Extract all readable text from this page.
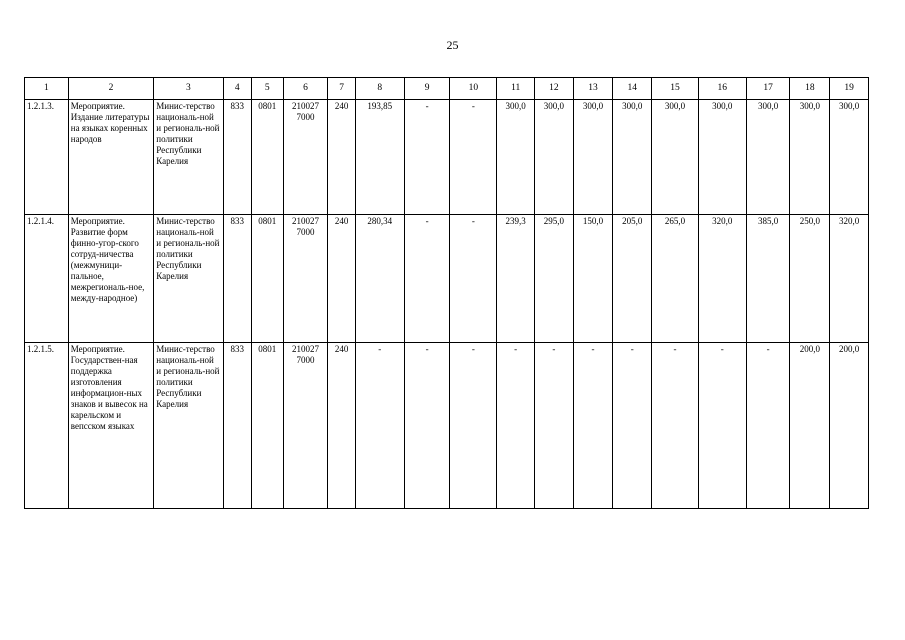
25
1	2	3	4	5	6	7	8	9	10	11	12	13	14	15	16	17	18	19
1.2.1.3.	Мероприятие. Издание литературы на языках коренных народов	Минис-терство националь-ной и региональ-ной политики Республики Карелия	833	0801	210027 7000	240	193,85	-	-	300,0	300,0	300,0	300,0	300,0	300,0	300,0	300,0	300,0
1.2.1.4.	Мероприятие. Развитие форм финно-угор-ского сотруд-ничества (межмуници-пальное, межрегиональ-ное, между-народное)	Минис-терство националь-ной и региональ-ной политики Республики Карелия	833	0801	210027 7000	240	280,34	-	-	239,3	295,0	150,0	205,0	265,0	320,0	385,0	250,0	320,0
1.2.1.5.	Мероприятие. Государствен-ная поддержка изготовления информацион-ных знаков и вывесок на карельском и вепсском языках	Минис-терство националь-ной и региональ-ной политики Республики Карелия	833	0801	210027 7000	240	-	-	-	-	-	-	-	-	-	-	200,0	200,0
